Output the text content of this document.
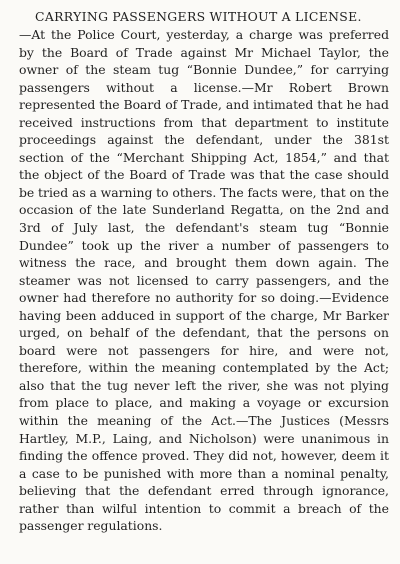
CARRYING PASSENGERS WITHOUT A LICENSE.
—At the Police Court, yesterday, a charge was preferred by the Board of Trade against Mr Michael Taylor, the owner of the steam tug “Bonnie Dundee,” for carrying passengers without a license.—Mr Robert Brown represented the Board of Trade, and intimated that he had received instructions from that department to institute proceedings against the defendant, under the 381st section of the “Merchant Shipping Act, 1854,” and that the object of the Board of Trade was that the case should be tried as a warning to others. The facts were, that on the occasion of the late Sunderland Regatta, on the 2nd and 3rd of July last, the defendant's steam tug “Bonnie Dundee” took up the river a number of passengers to witness the race, and brought them down again. The steamer was not licensed to carry passengers, and the owner had therefore no authority for so doing.—Evidence having been adduced in support of the charge, Mr Barker urged, on behalf of the defendant, that the persons on board were not passengers for hire, and were not, therefore, within the meaning contemplated by the Act; also that the tug never left the river, she was not plying from place to place, and making a voyage or excursion within the meaning of the Act.—The Justices (Messrs Hartley, M.P., Laing, and Nicholson) were unanimous in finding the offence proved. They did not, however, deem it a case to be punished with more than a nominal penalty, believing that the defendant erred through ignorance, rather than wilful intention to commit a breach of the passenger regulations.
